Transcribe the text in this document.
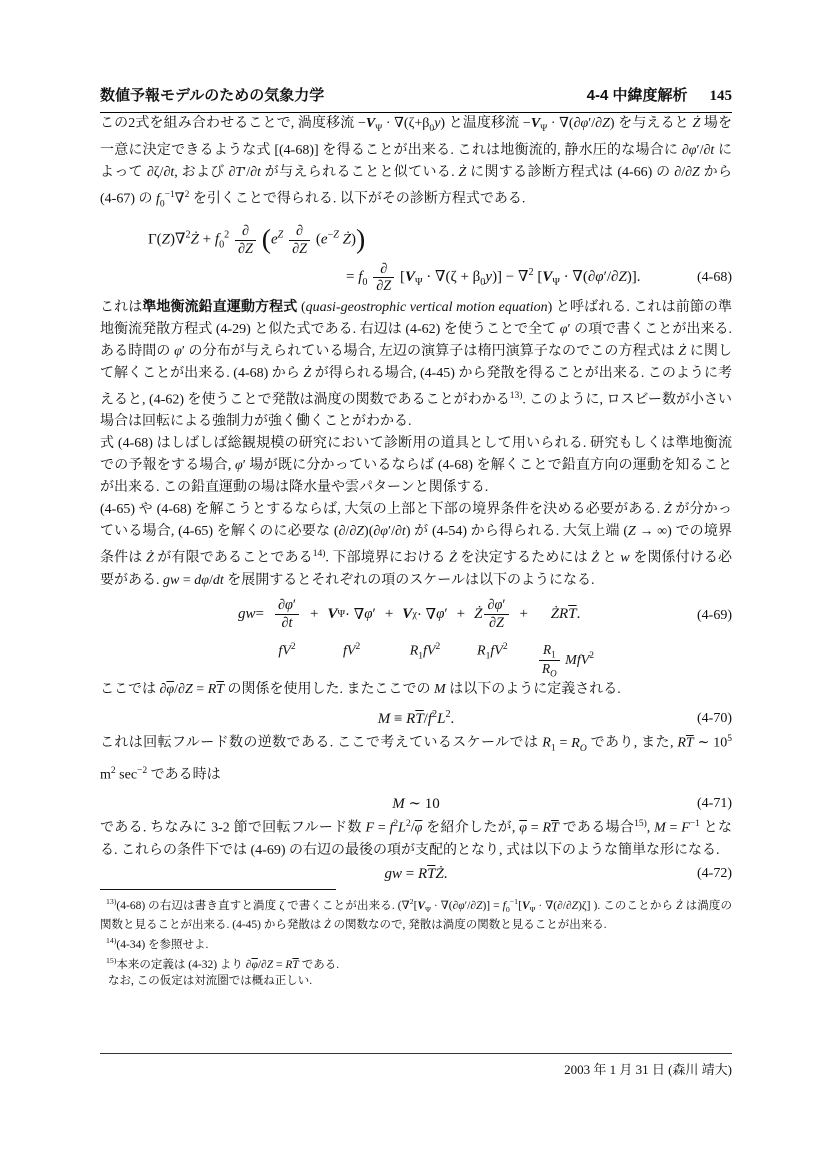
数値予報モデルのための気象力学	4-4 中緯度解析 145

この2式を組み合わせることで, 渦度移流 $-V_\Psi \cdot \nabla(\zeta+\beta_0y)$ と温度移流 $-V_\Psi \cdot \nabla(\partial\varphi'/\partial Z)$ を与えると Ż 場を一意に決定できるような式 [(4-68)] を得ることが出来る. これは地衡流的, 静水圧的な場合に ∂φ′/∂t によって ∂ζ/∂t, および ∂T′/∂t が与えられることと似ている. Ż に関する診断方程式は (4-66) の ∂/∂Z から (4-67) の $f_0^{-1}\nabla^2$ を引くことで得られる. 以下がその診断方程式である.

Γ(Z)∇$^2$Ż + $f_0^2 \frac{\partial}{\partial Z} (e^Z \frac{\partial}{\partial Z} (e^{-Z}$ Ż))
= $f_0 \frac{\partial}{\partial Z} [V_\Psi \cdot \nabla(\zeta + \beta_0y)] - \nabla^2$ $[V_\Psi \cdot \nabla(\partial\varphi'/\partial Z)]$.	(4-68)

これは準地衡流鉛直運動方程式 (quasi-geostrophic vertical motion equation) と呼ばれる. これは前節の準地衡流発散方程式 (4-29) と似た式である. 右辺は (4-62) を使うことで全て φ′ の項で書くことが出来る. ある時間の φ′ の分布が与えられている場合, 左辺の演算子は楕円演算子なのでこの方程式は Ż に関して解くことが出来る. (4-68) から Ż が得られる場合, (4-45) から発散を得ることが出来る. このように考えると, (4-62) を使うことで発散は渦度の関数であることがわかる$^{13)}$. このように, ロスビー数が小さい場合は回転による強制力が強く働くことがわかる.

式 (4-68) はしばしば総観規模の研究において診断用の道具として用いられる. 研究もしくは準地衡流での予報をする場合, φ′ 場が既に分かっているならば (4-68) を解くことで鉛直方向の運動を知ることが出来る. この鉛直運動の場は降水量や雲パターンと関係する.

(4-65) や (4-68) を解こうとするならば, 大気の上部と下部の境界条件を決める必要がある. Ż が分かっている場合, (4-65) を解くのに必要な (∂/∂Z)(∂φ′/∂t) が (4-54) から得られる. 大気上端 (Z → ∞) での境界条件は Ż が有限であることである$^{14)}$. 下部境界における Ż を決定するためには Ż と w を関係付ける必要がある. gw = dφ/dt を展開するとそれぞれの項のスケールは以下のようになる.

gw = $\frac{\partial\varphi'}{\partial t}$
$fV^2$
+ V Ψ · ∇ φ ′
$fV^2$
+ V χ · ∇ φ ′
$R_1fV^2$
+ Ż $\frac{\partial\varphi'}{\partial Z}$
$R_1fV^2$
+ Ż R $\overline{T}$ .
$\frac{R_1}{R_O} MfV^2$
(4-69)

ここでは $\partial\overline{\varphi}/\partial Z = R\overline{T}$ の関係を使用した. またここでの M は以下のように定義される.

$M \equiv R\overline{T}/f^2L^2$.	(4-70)

これは回転フルード数の逆数である. ここで考えているスケールでは $R_1 = R_O$ であり, また, $R\overline{T}$ ∼ $10^5$ $m^2$ $\sec^{-2}$ である時は

M ∼ 10	(4-71)

である. ちなみに 3-2 節で回転フルード数 $F = f^2L^2/\overline{\varphi}$ を紹介したが, $\overline{\varphi} = R\overline{T}$ である場合$^{15)}$, $M = F^{-1}$ となる. これらの条件下では (4-69) の右辺の最後の項が支配的となり, 式は以下のような簡単な形になる.

gw = $R\overline{T}Ż$.	(4-72)

$^{13)}$(4-68) の右辺は書き直すと渦度 ζ で書くことが出来る. ($\nabla^2[V_\Psi \cdot \nabla(\partial\varphi'/\partial Z)] = f_0^{-1}[V_\Psi \cdot \nabla(\partial/\partial Z)\zeta]$ ). このことから Ż は渦度の関数と見ることが出来る. (4-45) から発散は Ż の関数なので, 発散は渦度の関数と見ることが出来る.

$^{14)}$(4-34) を参照せよ.

$^{15)}$本来の定義は (4-32) より $\partial\overline{\varphi}/\partial Z = R\overline{T}$ である.

なお, この仮定は対流圏では概ね正しい.

2003 年 1 月 31 日 (森川 靖大)
